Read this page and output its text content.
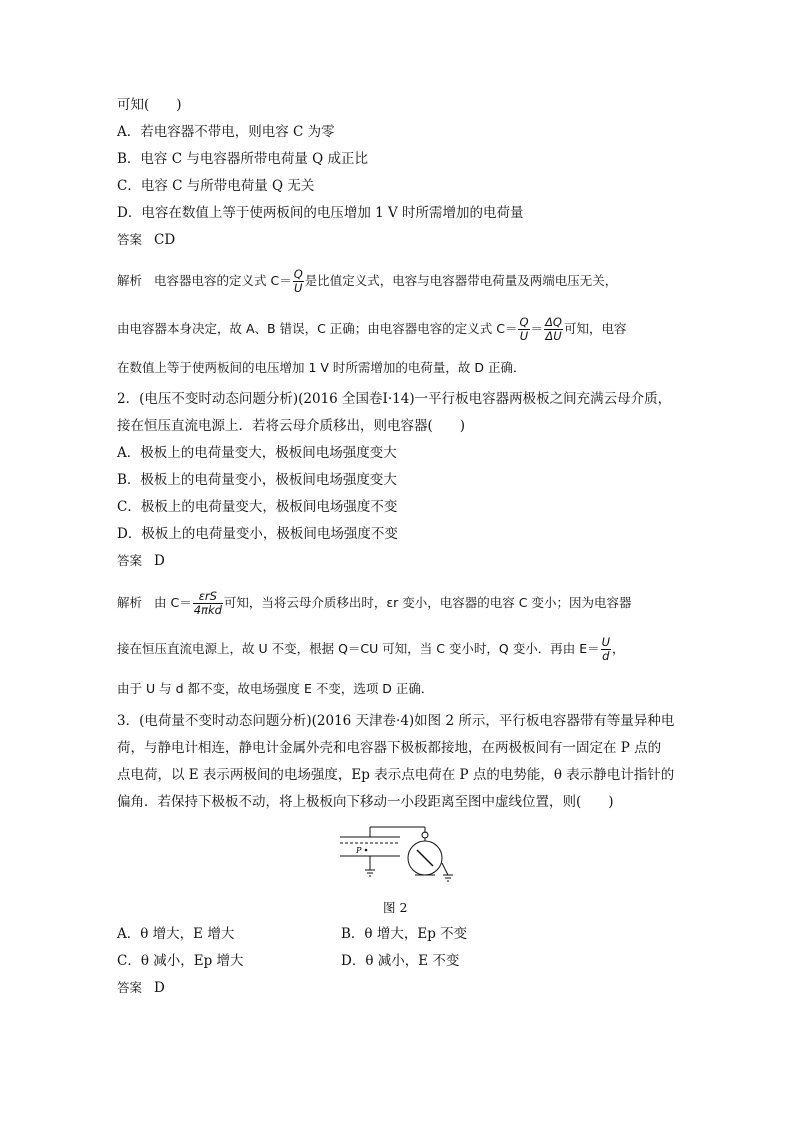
可知(　　)
A．若电容器不带电，则电容 C 为零
B．电容 C 与电容器所带电荷量 Q 成正比
C．电容 C 与所带电荷量 Q 无关
D．电容在数值上等于使两板间的电压增加 1 V 时所需增加的电荷量
答案 CD
解析 电容器电容的定义式 $C= \frac{Q}{U}$ 是比值定义式，电容与电容器带电荷量及两端电压无关，
由电容器本身决定，故 A、B 错误，C 正确；由电容器电容的定义式 $C= \frac{Q}{U} = \frac{\Delta Q}{\Delta U}$ 可知，电容
在数值上等于使两板间的电压增加 1 V 时所需增加的电荷量，故 D 正确．
2．(电压不变时动态问题分析)(2016 全国卷Ⅰ·14)一平行板电容器两极板之间充满云母介质，
接在恒压直流电源上．若将云母介质移出，则电容器(　　)
A．极板上的电荷量变大，极板间电场强度变大
B．极板上的电荷量变小，极板间电场强度变大
C．极板上的电荷量变大，极板间电场强度不变
D．极板上的电荷量变小，极板间电场强度不变
答案 D
解析 由 $C= \frac{\text{εrS}}{\text{4πkd}}$ 可知，当将云母介质移出时，εr 变小，电容器的电容 C 变小；因为电容器
接在恒压直流电源上，故 U 不变，根据 Q＝CU 可知，当 C 变小时，Q 变小．再由 $E= \frac{U}{d}$ ，
由于 U 与 d 都不变，故电场强度 E 不变，选项 D 正确．
3．(电荷量不变时动态问题分析)(2016 天津卷·4)如图 2 所示，平行板电容器带有等量异种电
荷，与静电计相连，静电计金属外壳和电容器下极板都接地，在两极板间有一固定在 P 点的
点电荷，以 E 表示两极间的电场强度，Ep 表示点电荷在 P 点的电势能，θ 表示静电计指针的
偏角．若保持下极板不动，将上极板向下移动一小段距离至图中虚线位置，则(　　)
P
图 2
A．θ 增大，E 增大	B．θ 增大，Ep 不变
C．θ 减小，Ep 增大	D．θ 减小，E 不变
答案 D
